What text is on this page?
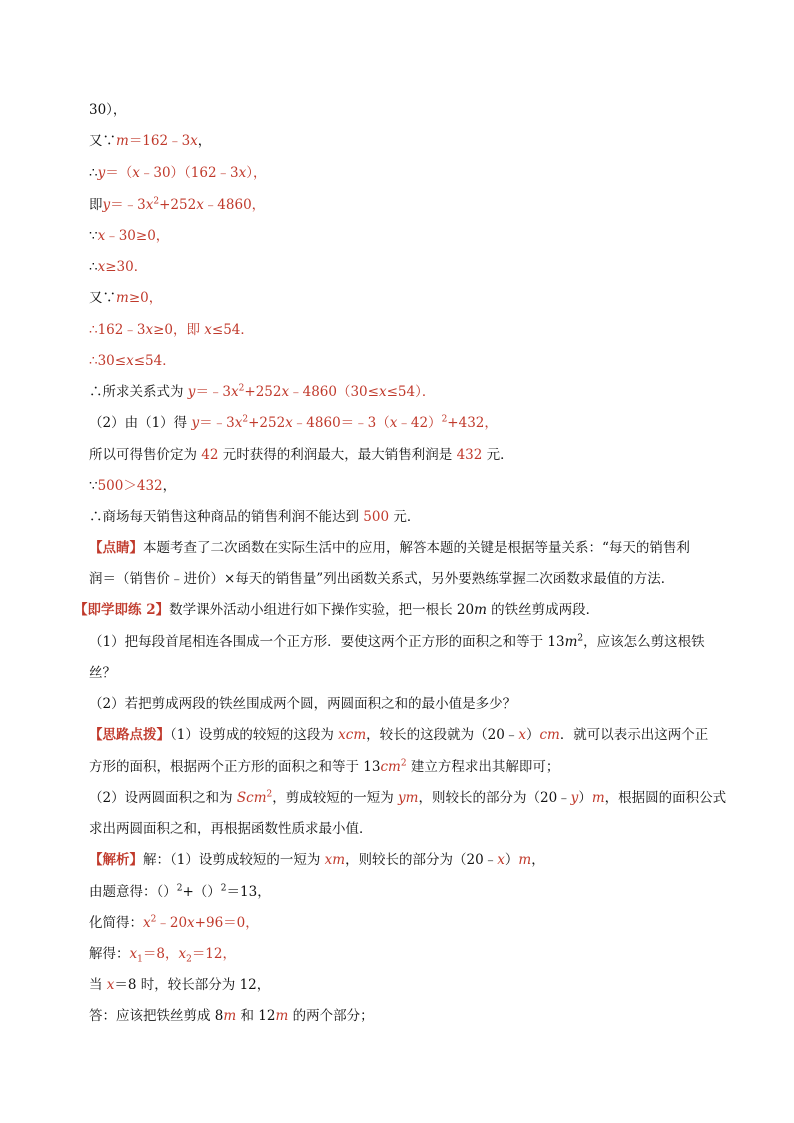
30），
又∵m＝162﹣3x，
∴y＝（x﹣30）（162﹣3x），
即$y=﹣3x^2+252x﹣4860$，
∵x﹣30≥0，
∴x≥30．
又∵m≥0，
∴162﹣3x≥0，即 x≤54．
∴30≤x≤54．
∴所求关系式为 $y=﹣3x^2+252x﹣4860(30\le x\le 54)$．
（2）由（1）得 $y=﹣3x^2+252x﹣4860=﹣3(x﹣42)^2+432$，
所以可得售价定为 42 元时获得的利润最大，最大销售利润是 432 元．
∵500＞432，
∴商场每天销售这种商品的销售利润不能达到 500 元．
【点睛】本题考查了二次函数在实际生活中的应用，解答本题的关键是根据等量关系：“每天的销售利
润＝（销售价﹣进价）×每天的销售量”列出函数关系式，另外要熟练掌握二次函数求最值的方法．
【即学即练 2】数学课外活动小组进行如下操作实验，把一根长 20m 的铁丝剪成两段．
（1）把每段首尾相连各围成一个正方形．要使这两个正方形的面积之和等于 $13m^2$，应该怎么剪这根铁
丝？
（2）若把剪成两段的铁丝围成两个圆，两圆面积之和的最小值是多少？
【思路点拨】（1）设剪成的较短的这段为 xcm，较长的这段就为（20﹣x）cm．就可以表示出这两个正
方形的面积，根据两个正方形的面积之和等于 $13cm^2$ 建立方程求出其解即可；
（2）设两圆面积之和为 Scm$^2$，剪成较短的一短为 ym，则较长的部分为（20﹣y）m，根据圆的面积公式
求出两圆面积之和，再根据函数性质求最小值．
【解析】解：（1）设剪成较短的一短为 xm，则较长的部分为（20﹣x）m，
由题意得：（）$^2$+（）$^2$＝13，
化简得：$x^2﹣20x+96=0$，
解得：$x_1=8$，$x_2=12$，
当 x＝8 时，较长部分为 12，
答：应该把铁丝剪成 8m 和 12m 的两个部分；
